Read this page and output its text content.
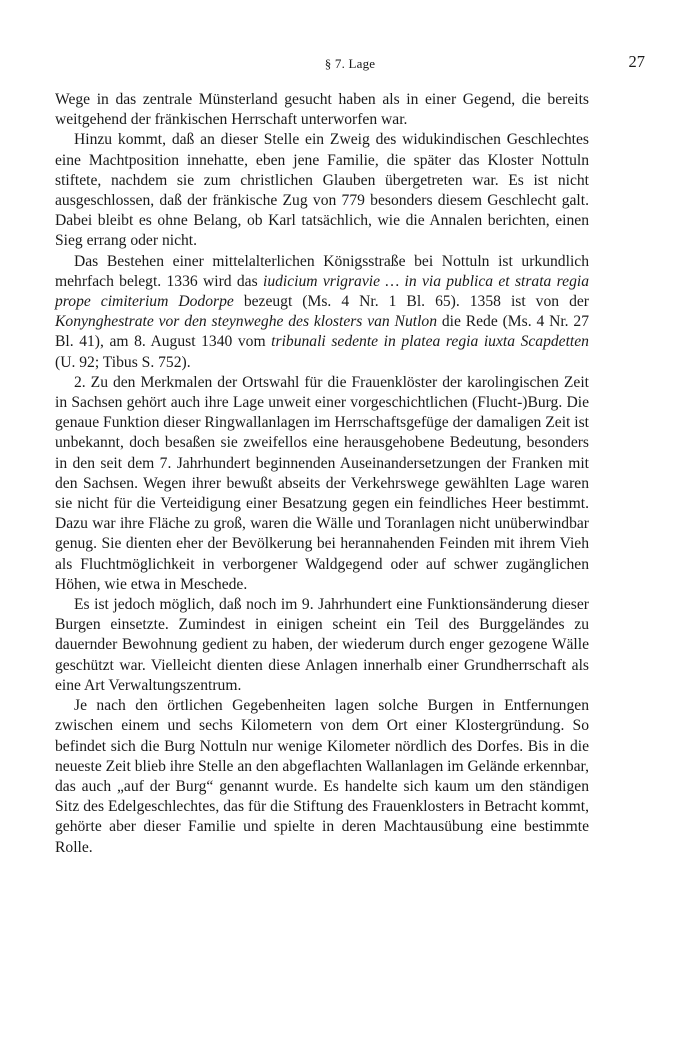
§ 7. Lage	27

Wege in das zentrale Münsterland gesucht haben als in einer Gegend, die bereits weitgehend der fränkischen Herrschaft unterworfen war.

Hinzu kommt, daß an dieser Stelle ein Zweig des widukindischen Geschlechtes eine Machtposition innehatte, eben jene Familie, die später das Kloster Nottuln stiftete, nachdem sie zum christlichen Glauben übergetreten war. Es ist nicht ausgeschlossen, daß der fränkische Zug von 779 besonders diesem Geschlecht galt. Dabei bleibt es ohne Belang, ob Karl tatsächlich, wie die Annalen berichten, einen Sieg errang oder nicht.

Das Bestehen einer mittelalterlichen Königsstraße bei Nottuln ist urkundlich mehrfach belegt. 1336 wird das iudicium vrigravie … in via publica et strata regia prope cimiterium Dodorpe bezeugt (Ms. 4 Nr. 1 Bl. 65). 1358 ist von der Konynghestrate vor den steynweghe des klosters van Nutlon die Rede (Ms. 4 Nr. 27 Bl. 41), am 8. August 1340 vom tribunali sedente in platea regia iuxta Scapdetten (U. 92; Tibus S. 752).

2. Zu den Merkmalen der Ortswahl für die Frauenklöster der karolingischen Zeit in Sachsen gehört auch ihre Lage unweit einer vorgeschichtlichen (Flucht-)Burg. Die genaue Funktion dieser Ringwallanlagen im Herrschaftsgefüge der damaligen Zeit ist unbekannt, doch besaßen sie zweifellos eine herausgehobene Bedeutung, besonders in den seit dem 7. Jahrhundert beginnenden Auseinandersetzungen der Franken mit den Sachsen. Wegen ihrer bewußt abseits der Verkehrswege gewählten Lage waren sie nicht für die Verteidigung einer Besatzung gegen ein feindliches Heer bestimmt. Dazu war ihre Fläche zu groß, waren die Wälle und Toranlagen nicht unüberwindbar genug. Sie dienten eher der Bevölkerung bei herannahenden Feinden mit ihrem Vieh als Fluchtmöglichkeit in verborgener Waldgegend oder auf schwer zugänglichen Höhen, wie etwa in Meschede.

Es ist jedoch möglich, daß noch im 9. Jahrhundert eine Funktionsänderung dieser Burgen einsetzte. Zumindest in einigen scheint ein Teil des Burggeländes zu dauernder Bewohnung gedient zu haben, der wiederum durch enger gezogene Wälle geschützt war. Vielleicht dienten diese Anlagen innerhalb einer Grundherrschaft als eine Art Verwaltungszentrum.

Je nach den örtlichen Gegebenheiten lagen solche Burgen in Entfernungen zwischen einem und sechs Kilometern von dem Ort einer Klostergründung. So befindet sich die Burg Nottuln nur wenige Kilometer nördlich des Dorfes. Bis in die neueste Zeit blieb ihre Stelle an den abgeflachten Wallanlagen im Gelände erkennbar, das auch „auf der Burg“ genannt wurde. Es handelte sich kaum um den ständigen Sitz des Edelgeschlechtes, das für die Stiftung des Frauenklosters in Betracht kommt, gehörte aber dieser Familie und spielte in deren Machtausübung eine bestimmte Rolle.
